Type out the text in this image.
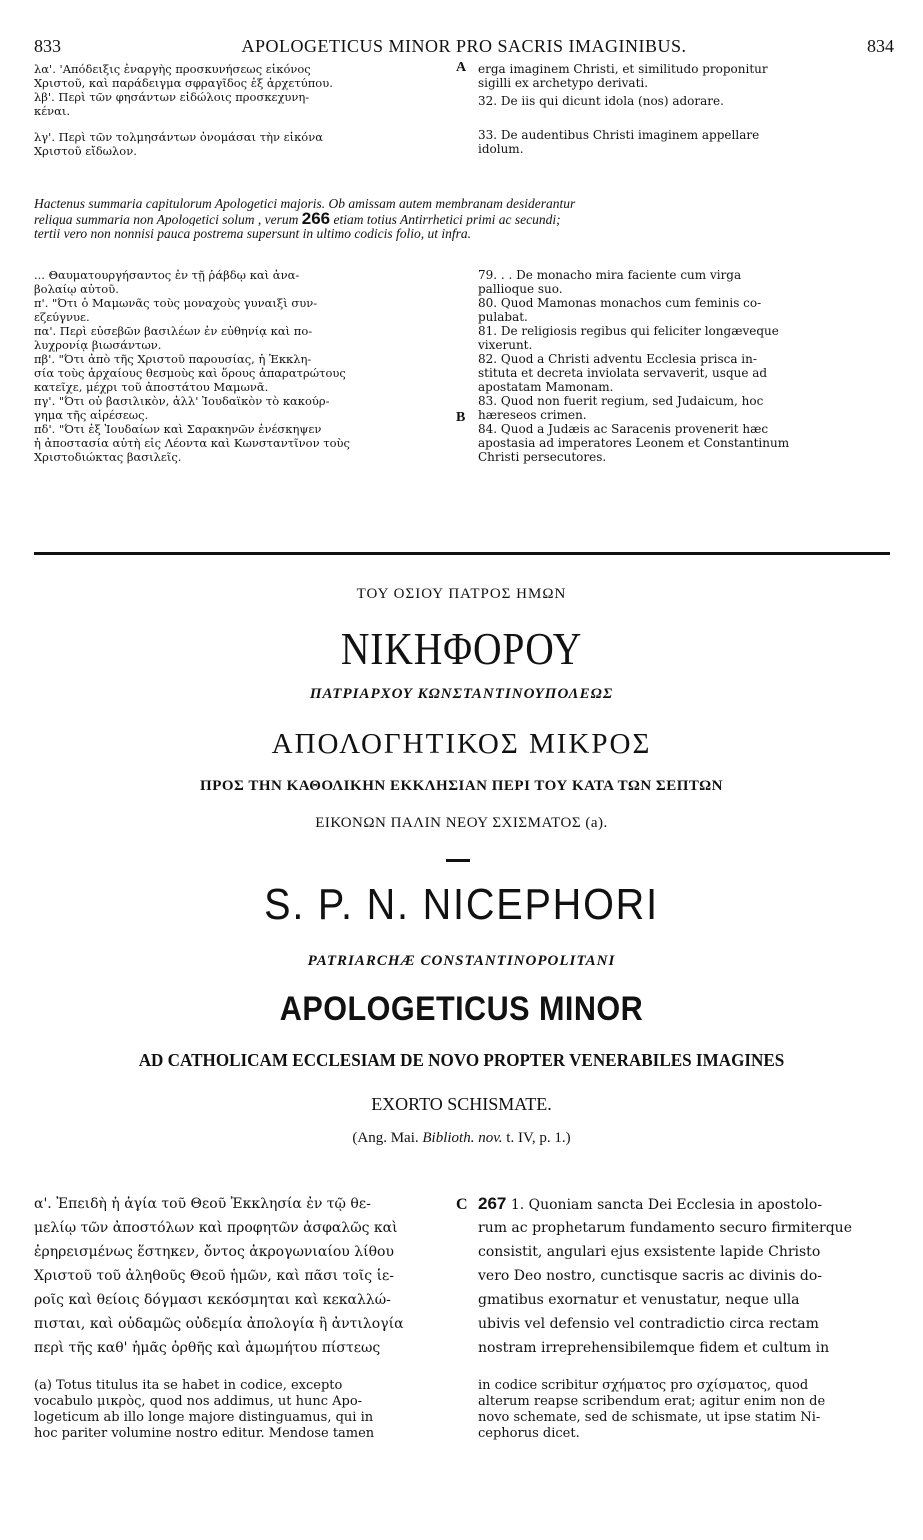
833	APOLOGETICUS MINOR PRO SACRIS IMAGINIBUS.	834
λα'. 'Απόδειξις ἐναργὴς προσκυνήσεως εἰκόνος
Χριστοῦ, καὶ παράδειγμα σφραγῖδος ἐξ ἀρχετύπου.
λβ'. Περὶ τῶν φησάντων εἰδώλοις προσκεχυνη-
κέναι.
λγ'. Περὶ τῶν τολμησάντων ὀνομάσαι τὴν εἰκόνα
Χριστοῦ εἴδωλον.
A erga imaginem Christi, et similitudo proponitur
sigilli ex archetypo derivati.
32. De iis qui dicunt idola (nos) adorare.
33. De audentibus Christi imaginem appellare
idolum.
Hactenus summaria capitulorum Apologetici majoris. Ob amissam autem membranam desiderantur
reliqua summaria non Apologetici solum , verum 266 etiam totius Antirrhetici primi ac secundi;
tertii vero non nonnisi pauca postrema supersunt in ultimo codicis folio, ut infra.
... Θαυματουργήσαντος ἐν τῇ ῥάβδῳ καὶ ἀνα-
βολαίῳ αὐτοῦ.
π'. "Ότι ὁ Μαμωνᾶς τοὺς μοναχοὺς γυναιξὶ συν-
εζεύγνυε.
πα'. Περὶ εὐσεβῶν βασιλέων ἐν εὐθηνίᾳ καὶ πο-
λυχρονίᾳ βιωσάντων.
πβ'. "Ότι ἀπὸ τῆς Χριστοῦ παρουσίας, ἡ Ἐκκλη-
σία τοὺς ἀρχαίους θεσμοὺς καὶ ὅρους ἀπαρατρώτους
κατεῖχε, μέχρι τοῦ ἀποστάτου Μαμωνᾶ.
πγ'. "Ότι οὐ βασιλικὸν, ἀλλ' Ἰουδαϊκὸν τὸ κακούρ-
γημα τῆς αἱρέσεως.
πδ'. "Ότι ἐξ Ἰουδαίων καὶ Σαρακηνῶν ἐνέσκηψεν
ἡ ἀποστασία αὐτὴ εἰς Λέοντα καὶ Κωνσταντῖνον τοὺς
Χριστοδιώκτας βασιλεῖς.
B
79. . . De monacho mira faciente cum virga
pallioque suo.
80. Quod Mamonas monachos cum feminis co-
pulabat.
81. De religiosis regibus qui feliciter longæveque
vixerunt.
82. Quod a Christi adventu Ecclesia prisca in-
stituta et decreta inviolata servaverit, usque ad
apostatam Mamonam.
83. Quod non fuerit regium, sed Judaicum, hoc
hæreseos crimen.
84. Quod a Judæis ac Saracenis provenerit hæc
apostasia ad imperatores Leonem et Constantinum
Christi persecutores.
ΤΟΥ ΟΣΙΟΥ ΠΑΤΡΟΣ ΗΜΩΝ
ΝΙΚΗΦΟΡΟΥ
ΠΑΤΡΙΑΡΧΟΥ ΚΩΝΣΤΑΝΤΙΝΟΥΠΟΛΕΩΣ
ΑΠΟΛΟΓΗΤΙΚΟΣ ΜΙΚΡΟΣ
ΠΡΟΣ ΤΗΝ ΚΑΘΟΛΙΚΗΝ ΕΚΚΛΗΣΙΑΝ ΠΕΡΙ ΤΟΥ ΚΑΤΑ ΤΩΝ ΣΕΠΤΩΝ
ΕΙΚΟΝΩΝ ΠΑΛΙΝ ΝΕΟΥ ΣΧΙΣΜΑΤΟΣ (a).
S. P. N. NICEPHORI
PATRIARCHÆ CONSTANTINOPOLITANI
APOLOGETICUS MINOR
AD CATHOLICAM ECCLESIAM DE NOVO PROPTER VENERABILES IMAGINES
EXORTO SCHISMATE.
(Ang. Mai. Biblioth. nov. t. IV, p. 1.)
α'. Ἐπειδὴ ἡ ἁγία τοῦ Θεοῦ Ἐκκλησία ἐν τῷ θε-
μελίῳ τῶν ἀποστόλων καὶ προφητῶν ἀσφαλῶς καὶ
ἐρηρεισμένως ἕστηκεν, ὄντος ἀκρογωνιαίου λίθου
Χριστοῦ τοῦ ἀληθοῦς Θεοῦ ἡμῶν, καὶ πᾶσι τοῖς ἱε-
ροῖς καὶ θείοις δόγμασι κεκόσμηται καὶ κεκαλλώ-
πισται, καὶ οὐδαμῶς οὐδεμία ἀπολογία ἢ ἀντιλογία
περὶ τῆς καθ' ἡμᾶς ὀρθῆς καὶ ἀμωμήτου πίστεως
C 267 1. Quoniam sancta Dei Ecclesia in apostolo-
rum ac prophetarum fundamento securo firmiterque
consistit, angulari ejus exsistente lapide Christo
vero Deo nostro, cunctisque sacris ac divinis do-
gmatibus exornatur et venustatur, neque ulla
ubivis vel defensio vel contradictio circa rectam
nostram irreprehensibilemque fidem et cultum in
(a) Totus titulus ita se habet in codice, excepto
vocabulo μικρὸς, quod nos addimus, ut hunc Apo-
logeticum ab illo longe majore distinguamus, qui in
hoc pariter volumine nostro editur. Mendose tamen
in codice scribitur σχήματος pro σχίσματος, quod
alterum reapse scribendum erat; agitur enim non de
novo schemate, sed de schismate, ut ipse statim Ni-
cephorus dicet.
